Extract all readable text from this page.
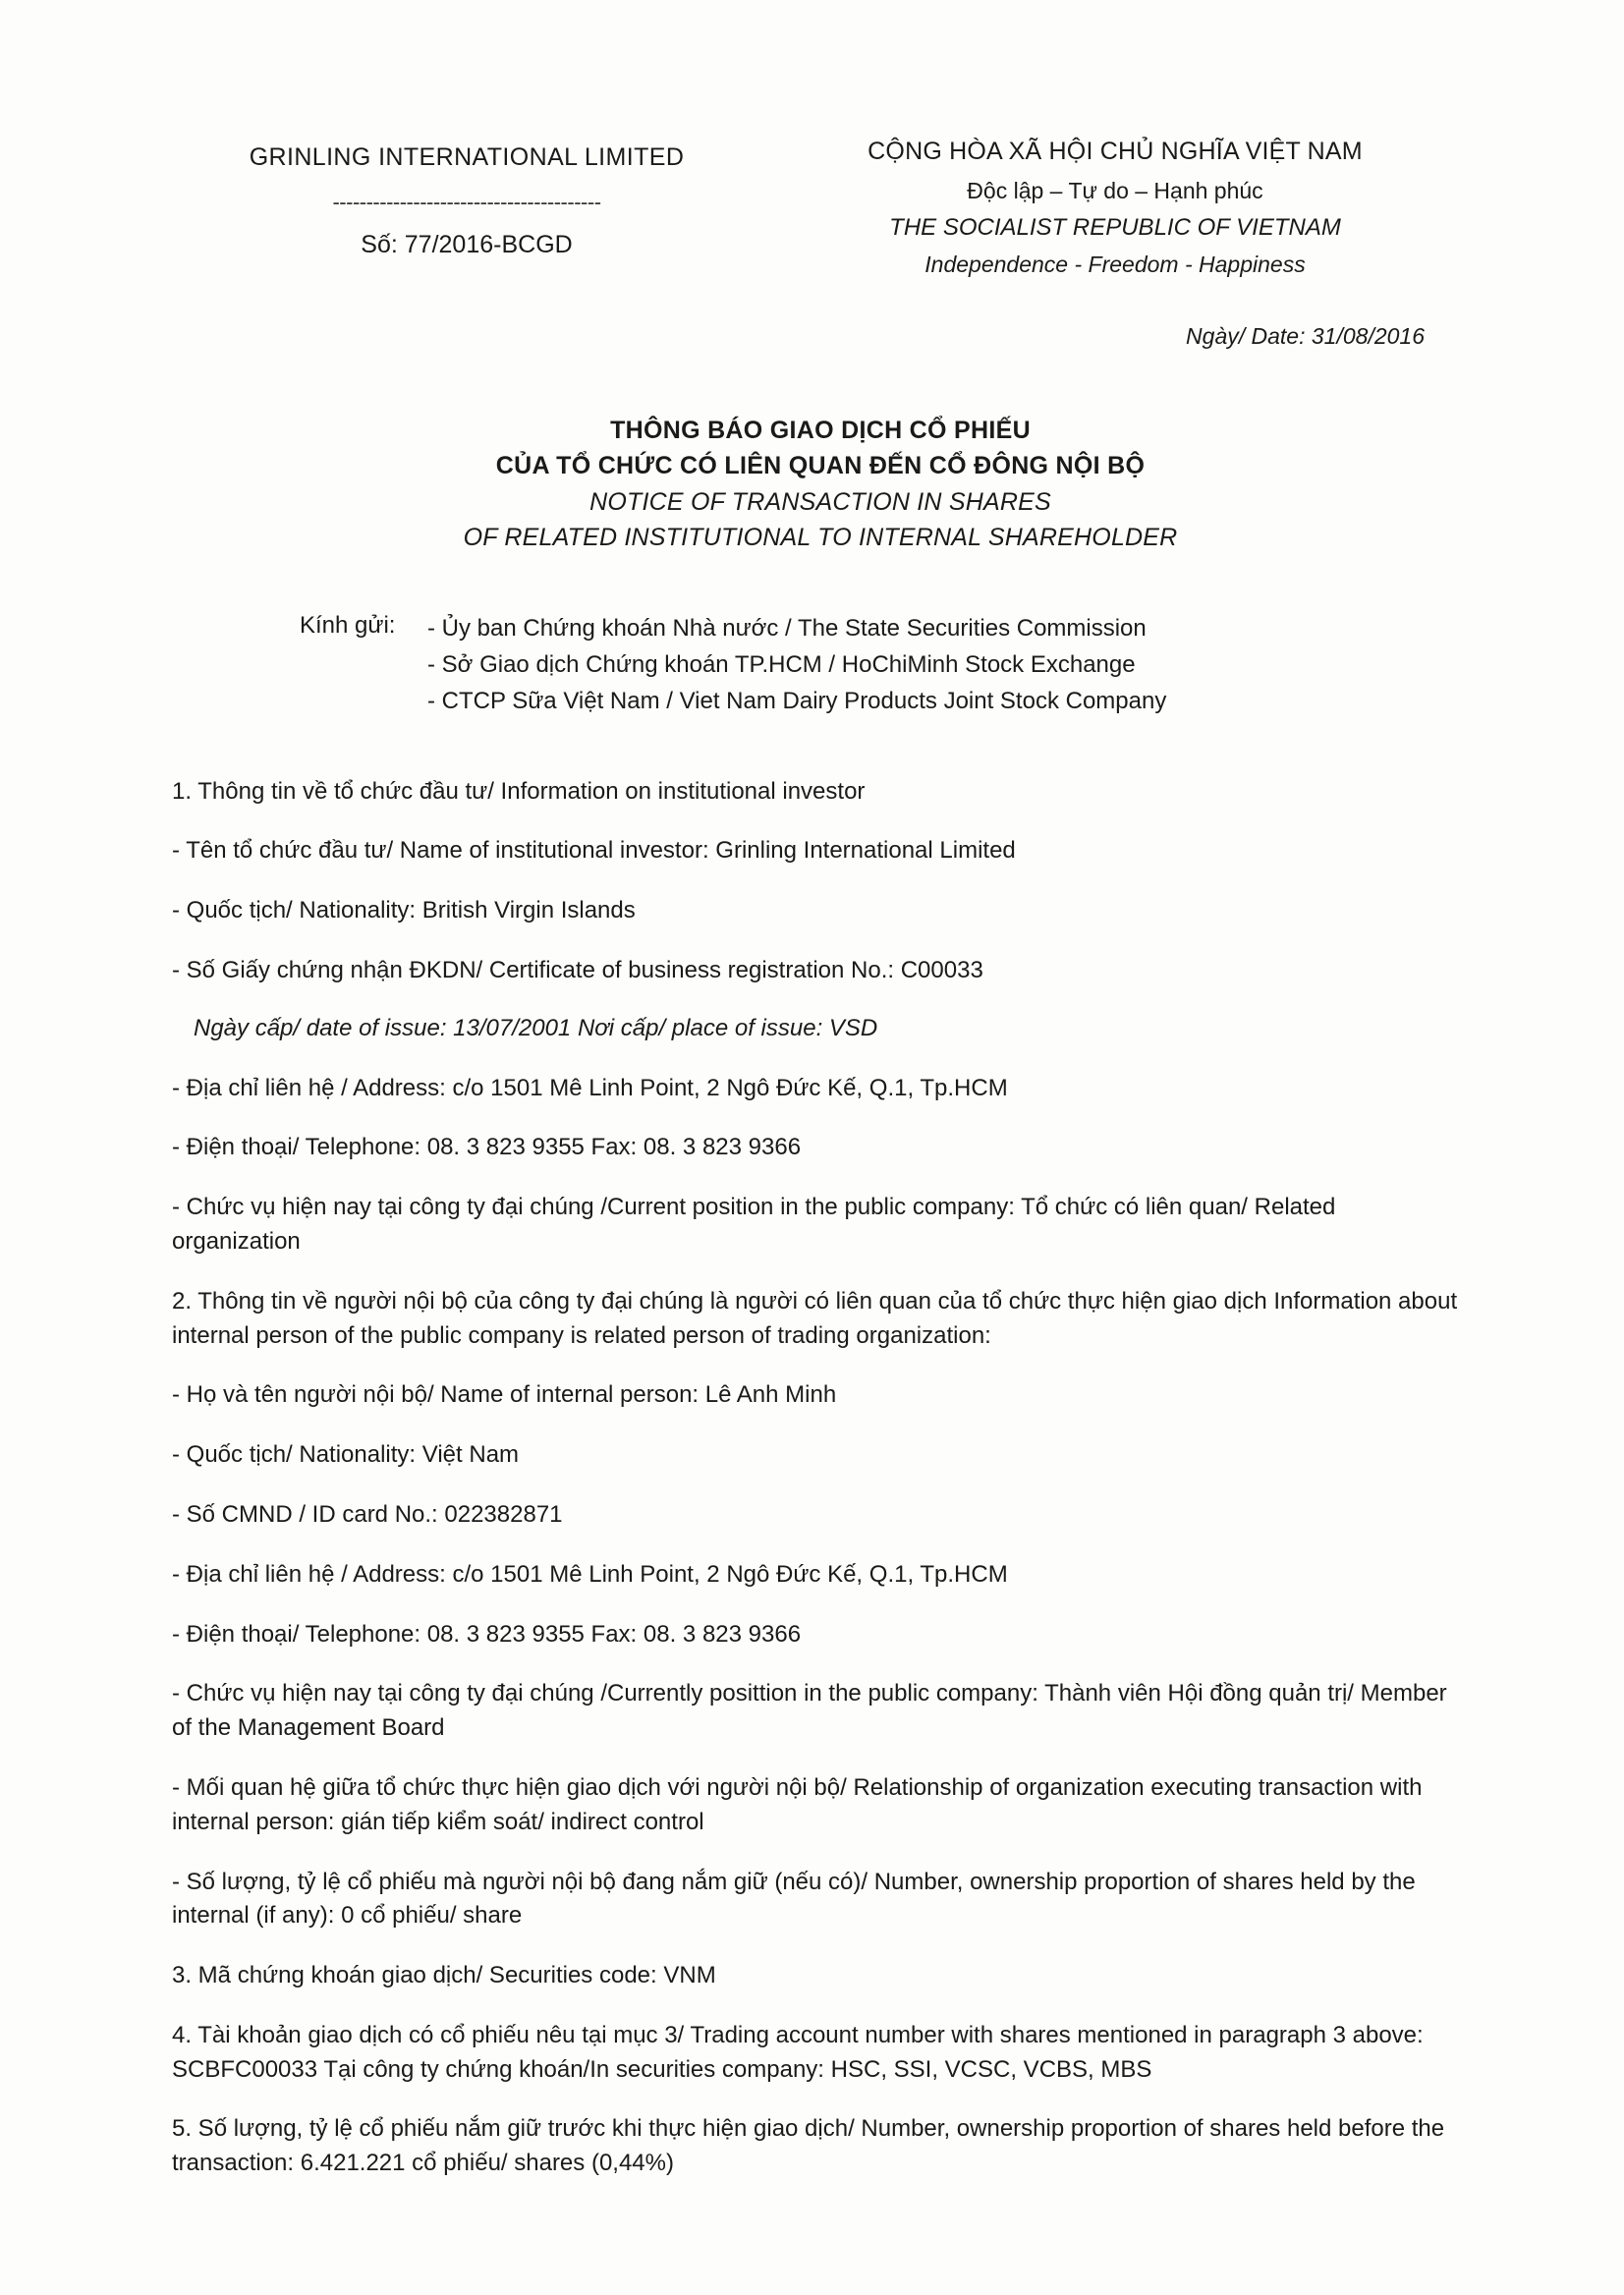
GRINLING INTERNATIONAL LIMITED
----------------------------------------
Số: 77/2016-BCGD
CỘNG HÒA XÃ HỘI CHỦ NGHĨA VIỆT NAM
Độc lập – Tự do – Hạnh phúc
THE SOCIALIST REPUBLIC OF VIETNAM
Independence - Freedom - Happiness
Ngày/ Date: 31/08/2016
THÔNG BÁO GIAO DỊCH CỔ PHIẾU
CỦA TỔ CHỨC CÓ LIÊN QUAN ĐẾN CỔ ĐÔNG NỘI BỘ
NOTICE OF TRANSACTION IN SHARES
OF RELATED INSTITUTIONAL TO INTERNAL SHAREHOLDER
Kính gửi:	- Ủy ban Chứng khoán Nhà nước / The State Securities Commission
- Sở Giao dịch Chứng khoán TP.HCM / HoChiMinh Stock Exchange
- CTCP Sữa Việt Nam / Viet Nam Dairy Products Joint Stock Company
1. Thông tin về tổ chức đầu tư/ Information on institutional investor
- Tên tổ chức đầu tư/ Name of institutional investor: Grinling International Limited
- Quốc tịch/ Nationality: British Virgin Islands
- Số Giấy chứng nhận ĐKDN/ Certificate of business registration No.: C00033
Ngày cấp/ date of issue: 13/07/2001 Nơi cấp/ place of issue: VSD
- Địa chỉ liên hệ / Address: c/o 1501 Mê Linh Point, 2 Ngô Đức Kế, Q.1, Tp.HCM
- Điện thoại/ Telephone: 08. 3 823 9355 Fax: 08. 3 823 9366
- Chức vụ hiện nay tại công ty đại chúng /Current position in the public company: Tổ chức có liên quan/ Related organization
2. Thông tin về người nội bộ của công ty đại chúng là người có liên quan của tổ chức thực hiện giao dịch Information about internal person of the public company is related person of trading organization:
- Họ và tên người nội bộ/ Name of internal person: Lê Anh Minh
- Quốc tịch/ Nationality: Việt Nam
- Số CMND / ID card No.: 022382871
- Địa chỉ liên hệ / Address: c/o 1501 Mê Linh Point, 2 Ngô Đức Kế, Q.1, Tp.HCM
- Điện thoại/ Telephone: 08. 3 823 9355 Fax: 08. 3 823 9366
- Chức vụ hiện nay tại công ty đại chúng /Currently posittion in the public company: Thành viên Hội đồng quản trị/ Member of the Management Board
- Mối quan hệ giữa tổ chức thực hiện giao dịch với người nội bộ/ Relationship of organization executing transaction with internal person: gián tiếp kiểm soát/ indirect control
- Số lượng, tỷ lệ cổ phiếu mà người nội bộ đang nắm giữ (nếu có)/ Number, ownership proportion of shares held by the internal (if any): 0 cổ phiếu/ share
3. Mã chứng khoán giao dịch/ Securities code: VNM
4. Tài khoản giao dịch có cổ phiếu nêu tại mục 3/ Trading account number with shares mentioned in paragraph 3 above: SCBFC00033 Tại công ty chứng khoán/In securities company: HSC, SSI, VCSC, VCBS, MBS
5. Số lượng, tỷ lệ cổ phiếu nắm giữ trước khi thực hiện giao dịch/ Number, ownership proportion of shares held before the transaction: 6.421.221 cổ phiếu/ shares (0,44%)
